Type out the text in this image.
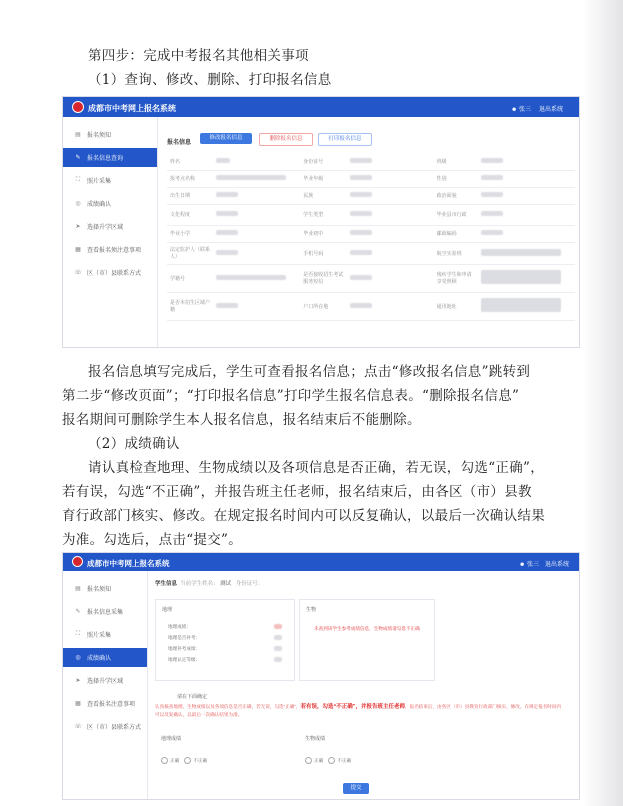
第四步：完成中考报名其他相关事项
（1）查询、修改、删除、打印报名信息
成都市中考网上报名系统	☻ 张三 退出系统
▤	报名须知
✎	报名信息查询
⛶	照片采集
◎	成绩确认
➤	选择升学区域
▦	查看报名须注意事项
☏ 区（市）县联系方式
报名信息
修改报名信息	删除报名信息	打印报名信息
姓名		身份证号		班级	
报考点名称		毕业年级		性别	
出生日期		民族		政治面貌	
文化程度		学生类型		毕业县市行政	
毕业小学		毕业初中		邮政编码	
法定监护人（联系人）		手机号码		航空实验班	
学籍号		是否接收招生考试服务短信		残疾学生和申请享受照顾	
是否本招生区域户籍		户口所在地		通讯地址	
报名信息填写完成后，学生可查看报名信息；点击“修改报名信息”跳转到
第二步“修改页面”；“打印报名信息”打印学生报名信息表。“删除报名信息”
报名期间可删除学生本人报名信息，报名结束后不能删除。
（2）成绩确认
请认真检查地理、生物成绩以及各项信息是否正确，若无误，勾选“正确”，
若有误，勾选“不正确”，并报告班主任老师，报名结束后，由各区（市）县教
育行政部门核实、修改。在规定报名时间内可以反复确认，以最后一次确认结果
为准。勾选后，点击“提交”。
成都市中考网上报名系统	☻ 张三 退出系统
▤	报名须知
✎	报名信息采集
⛶	照片采集
◎	成绩确认
➤	选择升学区域
▦	查看报名注意事项
☏ 区（市）县联系方式
学生信息 当前学生姓名： 测试 身份证号：
地理
地理成绩：
地理是否补考：
地理补考成绩：
地理认定等级：
生物
未查到该学生参考成绩信息，生物成绩请勾选不正确
请在下面确定
认真核查地理、生物成绩以及各项信息是否正确，若无误，勾选“正确”，若有误，勾选“不正确”，并报告班主任老师，报名结束后，由各区（市）县教育行政部门核实、修改。在规定报名时间内可以反复确认，以最后一次确认结果为准。
地理成绩	生物成绩
正确	不正确	正确	不正确
提交
